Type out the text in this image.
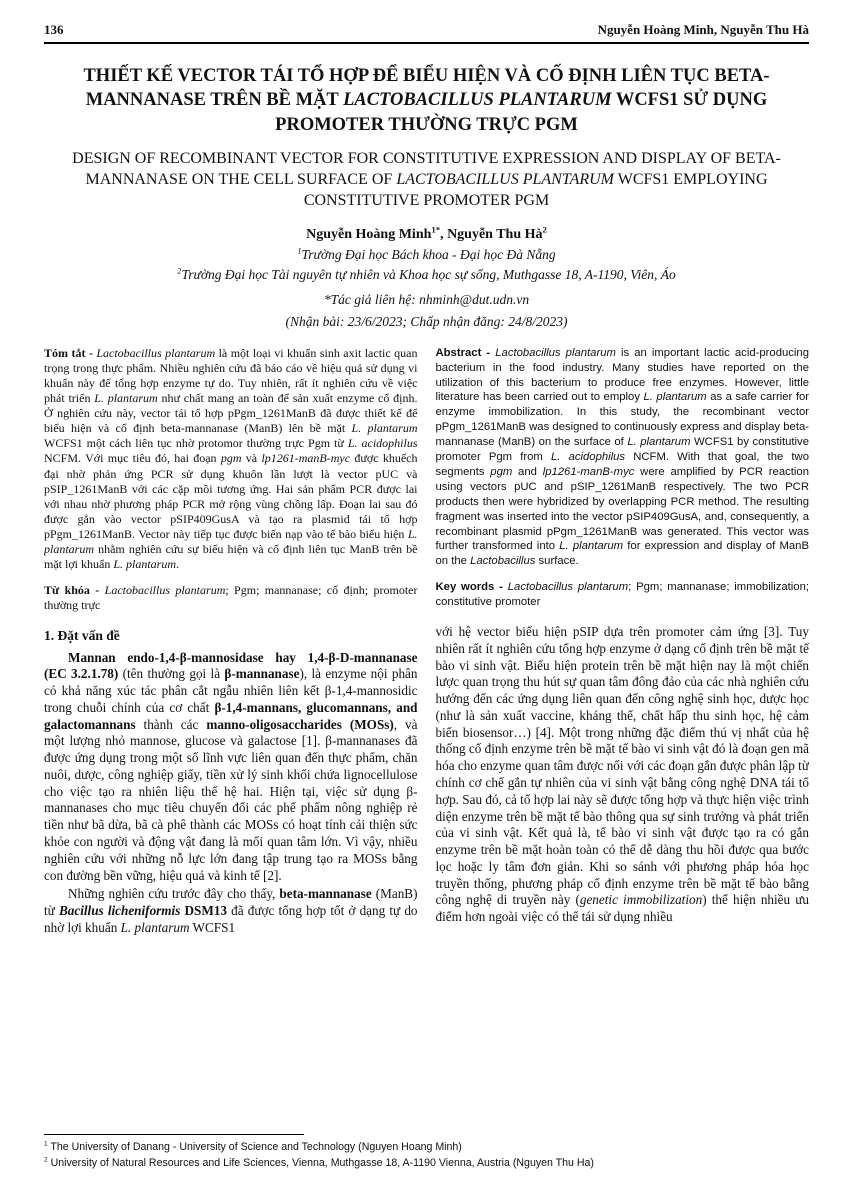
136	Nguyễn Hoàng Minh, Nguyễn Thu Hà
THIẾT KẾ VECTOR TÁI TỔ HỢP ĐỂ BIỂU HIỆN VÀ CỐ ĐỊNH LIÊN TỤC BETA-MANNANASE TRÊN BỀ MẶT LACTOBACILLUS PLANTARUM WCFS1 SỬ DỤNG PROMOTER THƯỜNG TRỰC PGM
DESIGN OF RECOMBINANT VECTOR FOR CONSTITUTIVE EXPRESSION AND DISPLAY OF BETA-MANNANASE ON THE CELL SURFACE OF LACTOBACILLUS PLANTARUM WCFS1 EMPLOYING CONSTITUTIVE PROMOTER PGM
Nguyễn Hoàng Minh$^{1*}$, Nguyễn Thu $Hà^2$
$^1$Trường Đại học Bách khoa - Đại học Đà Nẵng
$^2$Trường Đại học Tài nguyên tự nhiên và Khoa học sự sống, Muthgasse 18, A-1190, Viên, Áo
*Tác giả liên hệ: nhminh@dut.udn.vn
(Nhận bài: 23/6/2023; Chấp nhận đăng: 24/8/2023)

Tóm tắt - Lactobacillus plantarum là một loại vi khuẩn sinh axit lactic quan trọng trong thực phẩm. Nhiều nghiên cứu đã báo cáo về hiệu quả sử dụng vi khuẩn này để tổng hợp enzyme tự do. Tuy nhiên, rất ít nghiên cứu về việc phát triển L. plantarum như chất mang an toàn để sản xuất enzyme cố định. Ở nghiên cứu này, vector tái tổ hợp pPgm_1261ManB đã được thiết kế để biểu hiện và cố định beta-mannanase (ManB) lên bề mặt L. plantarum WCFS1 một cách liên tục nhờ protomor thường trực Pgm từ L. acidophilus NCFM. Với mục tiêu đó, hai đoạn pgm và lp1261-manB-myc được khuếch đại nhờ phản ứng PCR sử dụng khuôn lần lượt là vector pUC và pSIP_1261ManB với các cặp mồi tương ứng. Hai sản phẩm PCR được lai với nhau nhờ phương pháp PCR mở rộng vùng chồng lấp. Đoạn lai sau đó được gắn vào vector pSIP409GusA và tạo ra plasmid tái tổ hợp pPgm_1261ManB. Vector này tiếp tục được biến nạp vào tế bào biểu hiện L. plantarum nhằm nghiên cứu sự biểu hiện và cố định liên tục ManB trên bề mặt lợi khuẩn L. plantarum.

Từ khóa - Lactobacillus plantarum; Pgm; mannanase; cố định; promoter thường trực

1. Đặt vấn đề

Mannan endo-1,4-β-mannosidase hay 1,4-β-D-mannanase (EC 3.2.1.78) (tên thường gọi là β-mannanase), là enzyme nội phân có khả năng xúc tác phân cắt ngẫu nhiên liên kết β-1,4-mannosidic trong chuỗi chính của cơ chất β-1,4-mannans, glucomannans, and galactomannans thành các manno-oligosaccharides (MOSs), và một lượng nhỏ mannose, glucose và galactose [1]. β-mannanases đã được ứng dụng trong một số lĩnh vực liên quan đến thực phẩm, chăn nuôi, dược, công nghiệp giấy, tiền xử lý sinh khối chứa lignocellulose cho việc tạo ra nhiên liệu thế hệ hai. Hiện tại, việc sử dụng β-mannanases cho mục tiêu chuyển đổi các phế phẩm nông nghiệp rẻ tiền như bã dừa, bã cà phê thành các MOSs có hoạt tính cải thiện sức khỏe con người và động vật đang là mối quan tâm lớn. Vì vậy, nhiều nghiên cứu với những nỗ lực lớn đang tập trung tạo ra MOSs bằng con đường bền vững, hiệu quả và kinh tế [2].

Những nghiên cứu trước đây cho thấy, beta-mannanase (ManB) từ Bacillus licheniformis DSM13 đã được tổng hợp tốt ở dạng tự do nhờ lợi khuẩn L. plantarum WCFS1

Abstract - Lactobacillus plantarum is an important lactic acid-producing bacterium in the food industry. Many studies have reported on the utilization of this bacterium to produce free enzymes. However, little literature has been carried out to employ L. plantarum as a safe carrier for enzyme immobilization. In this study, the recombinant vector pPgm_1261ManB was designed to continuously express and display beta-mannanase (ManB) on the surface of L. plantarum WCFS1 by constitutive promoter Pgm from L. acidophilus NCFM. With that goal, the two segments pgm and lp1261-manB-myc were amplified by PCR reaction using vectors pUC and pSIP_1261ManB respectively. The two PCR products then were hybridized by overlapping PCR method. The resulting fragment was inserted into the vector pSIP409GusA, and, consequently, a recombinant plasmid pPgm_1261ManB was generated. This vector was further transformed into L. plantarum for expression and display of ManB on the Lactobacillus surface.

Key words - Lactobacillus plantarum; Pgm; mannanase; immobilization; constitutive promoter

với hệ vector biểu hiện pSIP dựa trên promoter cảm ứng [3]. Tuy nhiên rất ít nghiên cứu tổng hợp enzyme ở dạng cố định trên bề mặt tế bào vi sinh vật. Biểu hiện protein trên bề mặt hiện nay là một chiến lược quan trọng thu hút sự quan tâm đông đảo của các nhà nghiên cứu hướng đến các ứng dụng liên quan đến công nghệ sinh học, dược học (như là sản xuất vaccine, kháng thể, chất hấp thu sinh học, hệ cảm biến biosensor…) [4]. Một trong những đặc điểm thú vị nhất của hệ thống cố định enzyme trên bề mặt tế bào vi sinh vật đó là đoạn gen mã hóa cho enzyme quan tâm được nối với các đoạn gắn được phân lập từ chính cơ chế gắn tự nhiên của vi sinh vật bằng công nghệ DNA tái tổ hợp. Sau đó, cả tổ hợp lai này sẽ được tổng hợp và thực hiện việc trình diện enzyme trên bề mặt tế bào thông qua sự sinh trưởng và phát triển của vi sinh vật. Kết quả là, tế bào vi sinh vật được tạo ra có gắn enzyme trên bề mặt hoàn toàn có thể dễ dàng thu hồi được qua bước lọc hoặc ly tâm đơn giản. Khi so sánh với phương pháp hóa học truyền thống, phương pháp cố định enzyme trên bề mặt tế bào bằng công nghệ di truyền này (genetic immobilization) thể hiện nhiều ưu điểm hơn ngoài việc có thể tái sử dụng nhiều

$^1$ The University of Danang - University of Science and Technology (Nguyen Hoang Minh)
$^2$ University of Natural Resources and Life Sciences, Vienna, Muthgasse 18, A-1190 Vienna, Austria (Nguyen Thu Ha)
